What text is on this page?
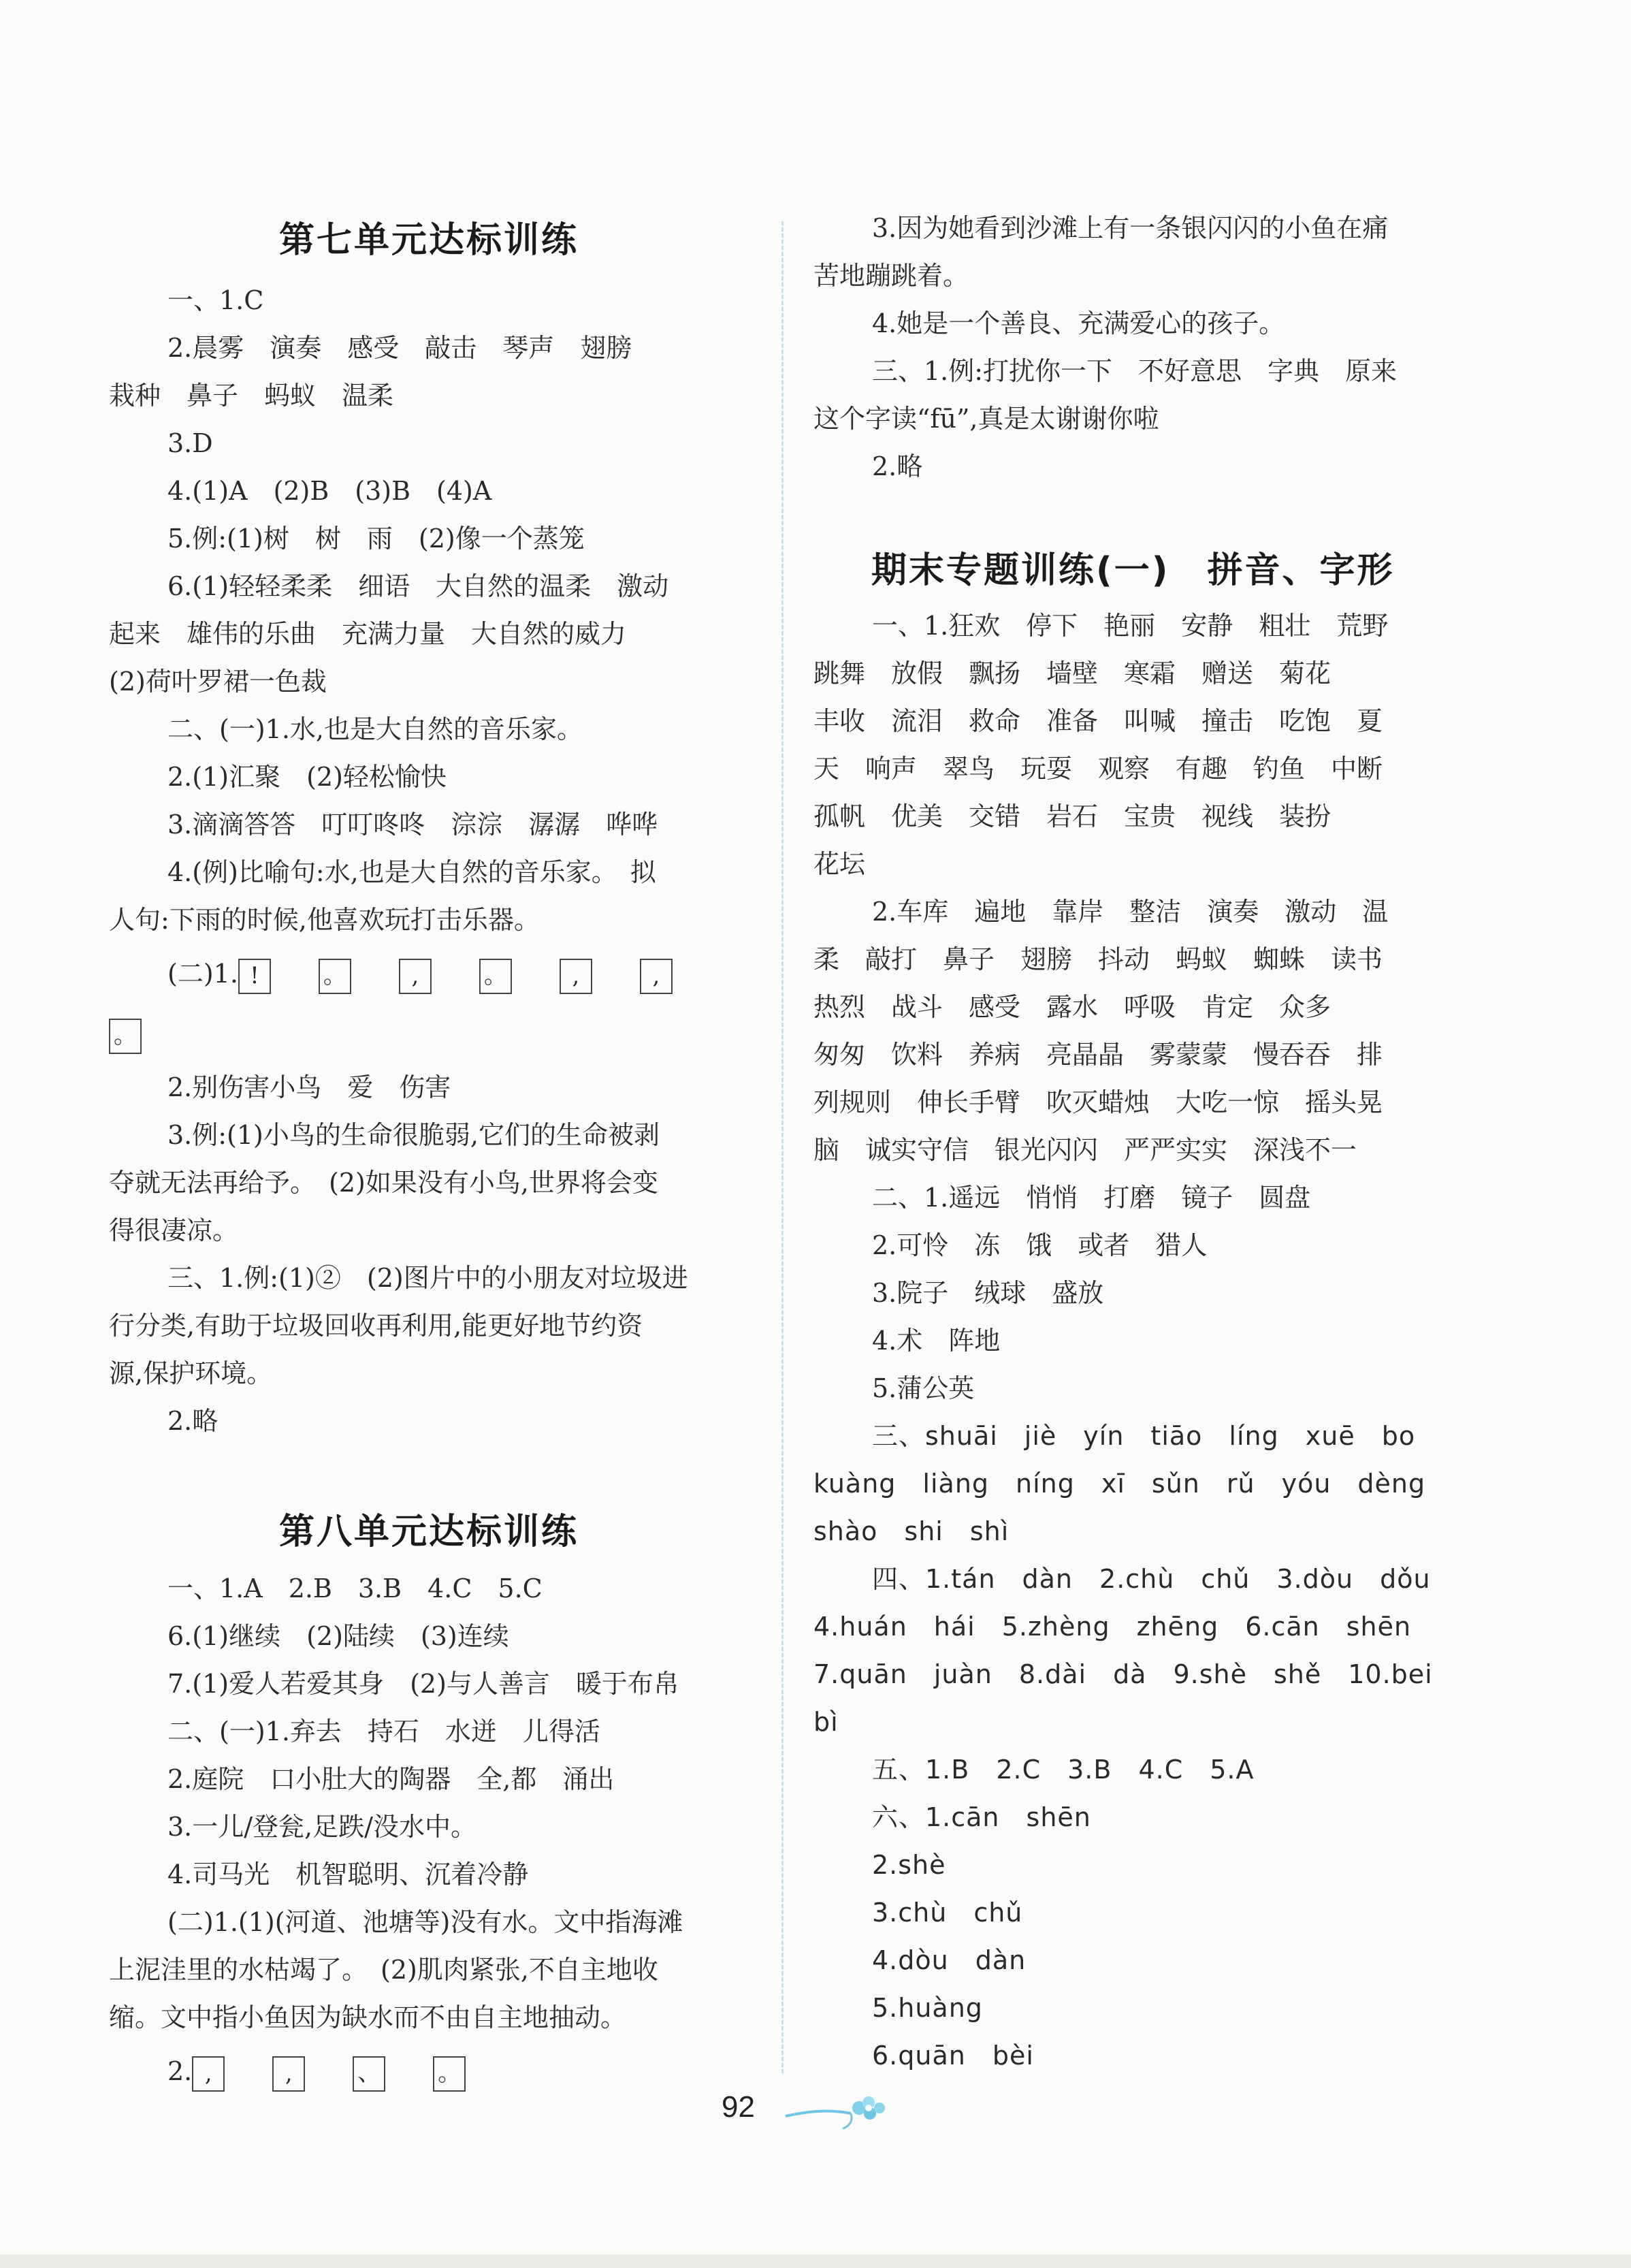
第七单元达标训练
一、1.C
2.晨雾　演奏　感受　敲击　琴声　翅膀
栽种　鼻子　蚂蚁　温柔
3.D
4.(1)A　(2)B　(3)B　(4)A
5.例:(1)树　树　雨　(2)像一个蒸笼
6.(1)轻轻柔柔　细语　大自然的温柔　激动
起来　雄伟的乐曲　充满力量　大自然的威力
(2)荷叶罗裙一色裁
二、(一)1.水,也是大自然的音乐家。
2.(1)汇聚　(2)轻松愉快
3.滴滴答答　叮叮咚咚　淙淙　潺潺　哗哗
4.(例)比喻句:水,也是大自然的音乐家。　拟
人句:下雨的时候,他喜欢玩打击乐器。
(二)1. !	。	,	。	,	,
。
2.别伤害小鸟　爱　伤害
3.例:(1)小鸟的生命很脆弱,它们的生命被剥
夺就无法再给予。　(2)如果没有小鸟,世界将会变
得很凄凉。
三、1.例:(1)②　(2)图片中的小朋友对垃圾进
行分类,有助于垃圾回收再利用,能更好地节约资
源,保护环境。
2.略
第八单元达标训练
一、1.A　2.B　3.B　4.C　5.C
6.(1)继续　(2)陆续　(3)连续
7.(1)爱人若爱其身　(2)与人善言　暖于布帛
二、(一)1.弃去　持石　水迸　儿得活
2.庭院　口小肚大的陶器　全,都　涌出
3.一儿/登瓮,足跌/没水中。
4.司马光　机智聪明、沉着冷静
(二)1.(1)(河道、池塘等)没有水。文中指海滩
上泥洼里的水枯竭了。　(2)肌肉紧张,不自主地收
缩。文中指小鱼因为缺水而不由自主地抽动。
2. ,	,	、 。
3.因为她看到沙滩上有一条银闪闪的小鱼在痛
苦地蹦跳着。
4.她是一个善良、充满爱心的孩子。
三、1.例:打扰你一下　不好意思　字典　原来
这个字读“fū”,真是太谢谢你啦
2.略
期末专题训练(一)　拼音、字形
一、1.狂欢　停下　艳丽　安静　粗壮　荒野
跳舞　放假　飘扬　墙壁　寒霜　赠送　菊花
丰收　流泪　救命　准备　叫喊　撞击　吃饱　夏
天　响声　翠鸟　玩耍　观察　有趣　钓鱼　中断
孤帆　优美　交错　岩石　宝贵　视线　装扮
花坛
2.车库　遍地　靠岸　整洁　演奏　激动　温
柔　敲打　鼻子　翅膀　抖动　蚂蚁　蜘蛛　读书
热烈　战斗　感受　露水　呼吸　肯定　众多
匆匆　饮料　养病　亮晶晶　雾蒙蒙　慢吞吞　排
列规则　伸长手臂　吹灭蜡烛　大吃一惊　摇头晃
脑　诚实守信　银光闪闪　严严实实　深浅不一
二、1.遥远　悄悄　打磨　镜子　圆盘
2.可怜　冻　饿　或者　猎人
3.院子　绒球　盛放
4.术　阵地
5.蒲公英
三、shuāi　jiè　yín　tiāo　líng　xuē　bo
kuàng　liàng　níng　xī　sǔn　rǔ　yóu　dèng
shào　shi　shì
四、1.tán　dàn　2.chù　chǔ　3.dòu　dǒu
4.huán　hái　5.zhèng　zhēng　6.cān　shēn
7.quān　juàn　8.dài　dà　9.shè　shě　10.bei
bì
五、1.B　2.C　3.B　4.C　5.A
六、1.cān　shēn
2.shè
3.chù　chǔ
4.dòu　dàn
5.huàng
6.quān　bèi
92
